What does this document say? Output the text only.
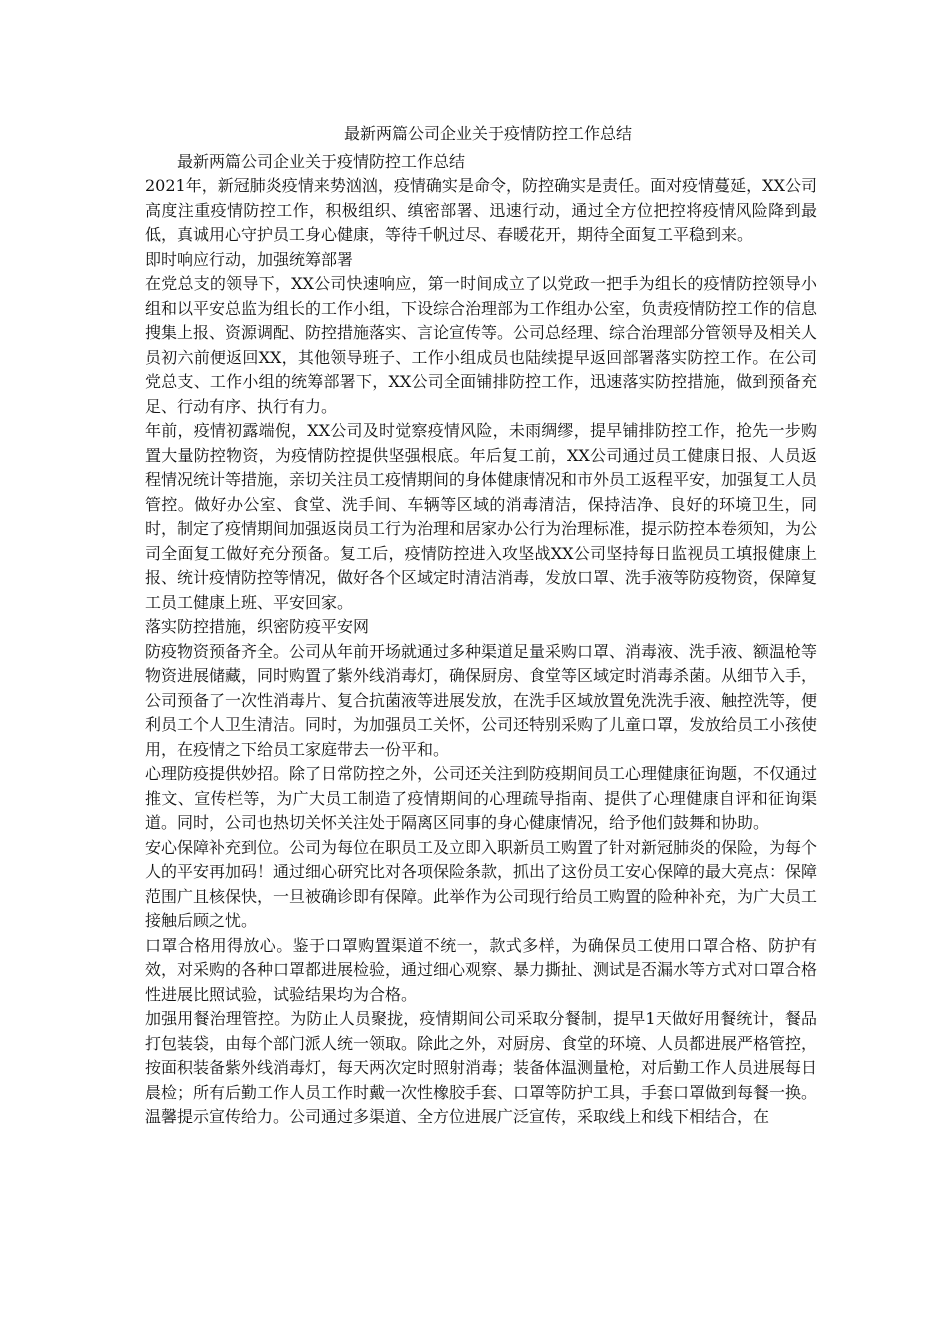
最新两篇公司企业关于疫情防控工作总结

最新两篇公司企业关于疫情防控工作总结

2021年，新冠肺炎疫情来势汹汹，疫情确实是命令，防控确实是责任。面对疫情蔓延，XX公司高度注重疫情防控工作，积极组织、缜密部署、迅速行动，通过全方位把控将疫情风险降到最低，真诚用心守护员工身心健康，等待千帆过尽、春暖花开，期待全面复工平稳到来。

即时响应行动，加强统筹部署

在党总支的领导下，XX公司快速响应，第一时间成立了以党政一把手为组长的疫情防控领导小组和以平安总监为组长的工作小组，下设综合治理部为工作组办公室，负责疫情防控工作的信息搜集上报、资源调配、防控措施落实、言论宣传等。公司总经理、综合治理部分管领导及相关人员初六前便返回XX，其他领导班子、工作小组成员也陆续提早返回部署落实防控工作。在公司党总支、工作小组的统筹部署下，XX公司全面铺排防控工作，迅速落实防控措施，做到预备充足、行动有序、执行有力。

年前，疫情初露端倪，XX公司及时觉察疫情风险，未雨绸缪，提早铺排防控工作，抢先一步购置大量防控物资，为疫情防控提供坚强根底。年后复工前，XX公司通过员工健康日报、人员返程情况统计等措施，亲切关注员工疫情期间的身体健康情况和市外员工返程平安，加强复工人员管控。做好办公室、食堂、洗手间、车辆等区域的消毒清洁，保持洁净、良好的环境卫生，同时，制定了疫情期间加强返岗员工行为治理和居家办公行为治理标准，提示防控本卷须知，为公司全面复工做好充分预备。复工后，疫情防控进入攻坚战XX公司坚持每日监视员工填报健康上报、统计疫情防控等情况，做好各个区域定时清洁消毒，发放口罩、洗手液等防疫物资，保障复工员工健康上班、平安回家。

落实防控措施，织密防疫平安网

防疫物资预备齐全。公司从年前开场就通过多种渠道足量采购口罩、消毒液、洗手液、额温枪等物资进展储藏，同时购置了紫外线消毒灯，确保厨房、食堂等区域定时消毒杀菌。从细节入手，公司预备了一次性消毒片、复合抗菌液等进展发放，在洗手区域放置免洗洗手液、触控洗等，便利员工个人卫生清洁。同时，为加强员工关怀，公司还特别采购了儿童口罩，发放给员工小孩使用，在疫情之下给员工家庭带去一份平和。

心理防疫提供妙招。除了日常防控之外，公司还关注到防疫期间员工心理健康征询题，不仅通过推文、宣传栏等，为广大员工制造了疫情期间的心理疏导指南、提供了心理健康自评和征询渠道。同时，公司也热切关怀关注处于隔离区同事的身心健康情况，给予他们鼓舞和协助。

安心保障补充到位。公司为每位在职员工及立即入职新员工购置了针对新冠肺炎的保险，为每个人的平安再加码！通过细心研究比对各项保险条款，抓出了这份员工安心保障的最大亮点：保障范围广且核保快，一旦被确诊即有保障。此举作为公司现行给员工购置的险种补充，为广大员工接触后顾之忧。

口罩合格用得放心。鉴于口罩购置渠道不统一，款式多样，为确保员工使用口罩合格、防护有效，对采购的各种口罩都进展检验，通过细心观察、暴力撕扯、测试是否漏水等方式对口罩合格性进展比照试验，试验结果均为合格。

加强用餐治理管控。为防止人员聚拢，疫情期间公司采取分餐制，提早1天做好用餐统计，餐品打包装袋，由每个部门派人统一领取。除此之外，对厨房、食堂的环境、人员都进展严格管控，按面积装备紫外线消毒灯，每天两次定时照射消毒；装备体温测量枪，对后勤工作人员进展每日晨检；所有后勤工作人员工作时戴一次性橡胶手套、口罩等防护工具，手套口罩做到每餐一换。

温馨提示宣传给力。公司通过多渠道、全方位进展广泛宣传，采取线上和线下相结合，在
